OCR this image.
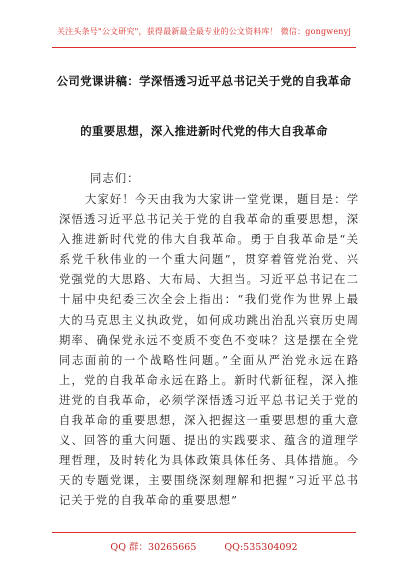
关注头条号"公文研究"，获得最新最全最专业的公文资料库！ 微信：gongwenyj
公司党课讲稿：学深悟透习近平总书记关于党的自我革命
的重要思想，深入推进新时代党的伟大自我革命
同志们：

大家好！今天由我为大家讲一堂党课，题目是：学深悟透习近平总书记关于党的自我革命的重要思想，深入推进新时代党的伟大自我革命。勇于自我革命是“关系党千秋伟业的一个重大问题”，贯穿着管党治党、兴党强党的大思路、大布局、大担当。习近平总书记在二十届中央纪委三次全会上指出：“我们党作为世界上最大的马克思主义执政党，如何成功跳出治乱兴衰历史周期率、确保党永远不变质不变色不变味？这是摆在全党同志面前的一个战略性问题。”全面从严治党永远在路上，党的自我革命永远在路上。新时代新征程，深入推进党的自我革命，必须学深悟透习近平总书记关于党的自我革命的重要思想，深入把握这一重要思想的重大意义、回答的重大问题、提出的实践要求、蕴含的道理学理哲理，及时转化为具体政策具体任务、具体措施。今天的专题党课，主要围绕深刻理解和把握“习近平总书记关于党的自我革命的重要思想”

QQ 群：30265665	QQ:535304092
